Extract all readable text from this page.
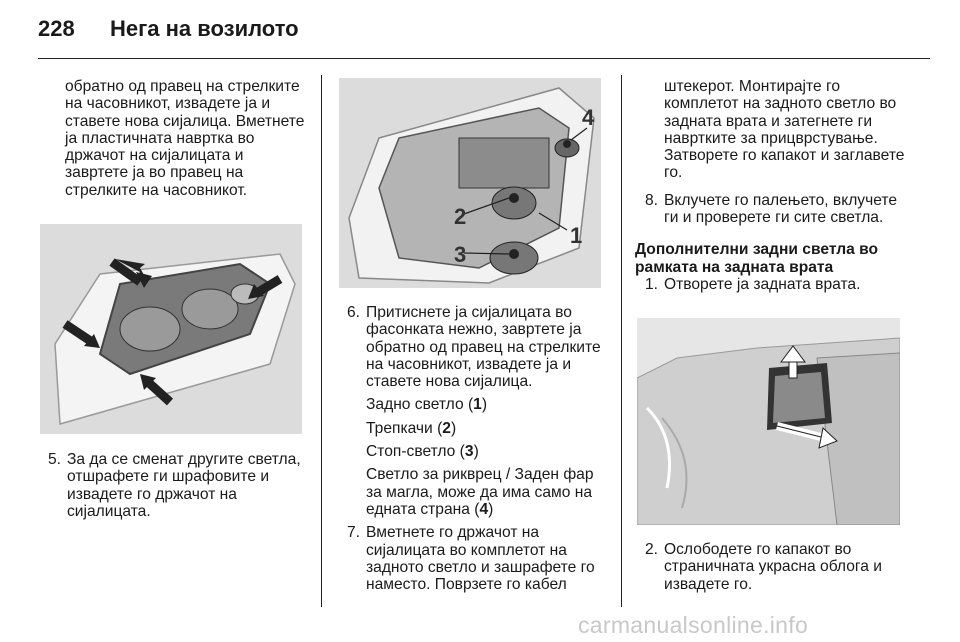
228 Нега на возилото

обратно од правец на стрелките на часовникот, извадете ја и ставете нова сијалица. Вметнете ја пластичната навртка во држачот на сијалицата и завртете ја во правец на стрелките на часовникот.

5. За да се сменат другите светла, отшрафете ги шрафовите и извадете го држачот на сијалицата.

4
2
1
3

6. Притиснете ја сијалицата во фасонката нежно, завртете ја обратно од правец на стрелките на часовникот, извадете ја и ставете нова сијалица.

Задно светло (1)

Трепкачи (2)

Стоп-светло (3)

Светло за рикврец / Заден фар за магла, може да има само на едната страна (4)

7. Вметнете го држачот на сијалицата во комплетот на задното светло и зашрафете го наместо. Поврзете го кабел

штекерот. Монтирајте го комплетот на задното светло во задната врата и затегнете ги навртките за прицврстување. Затворете го капакот и заглавете го.

8. Вклучете го палењето, вклучете ги и проверете ги сите светла.

Дополнителни задни светла во рамката на задната врата

1. Отворете ја задната врата.

2. Ослободете го капакот во страничната украсна облога и извадете го.

carmanualsonline.info
